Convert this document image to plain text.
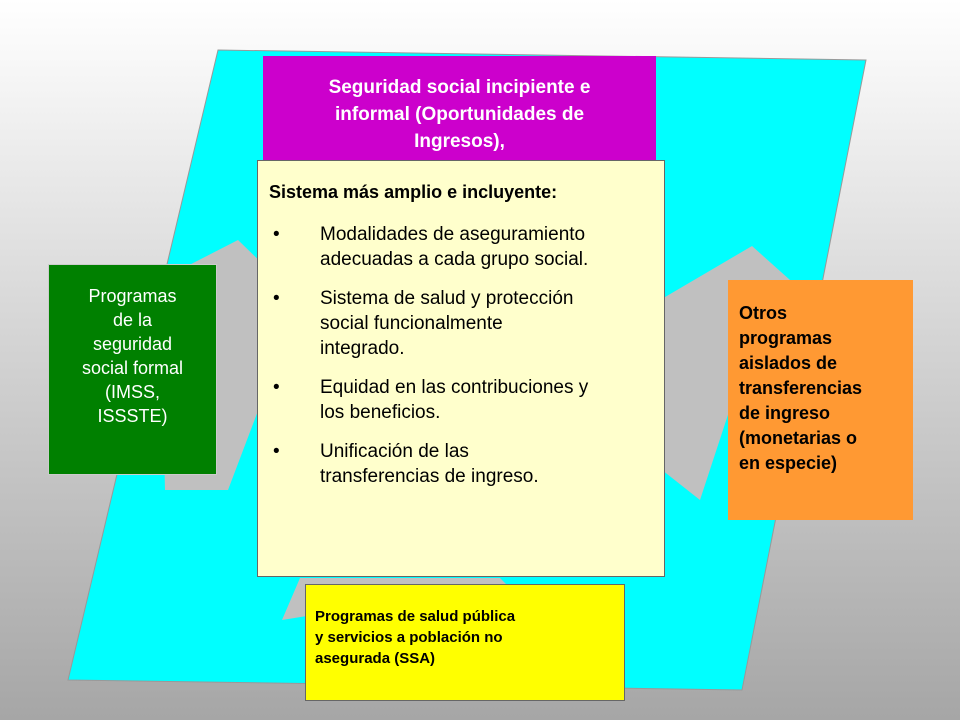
Seguridad social incipiente e
informal (Oportunidades de
Ingresos),
Sistema más amplio e incluyente:
•	Modalidades de aseguramiento
adecuadas a cada grupo social.
•	Sistema de salud y protección
social funcionalmente
integrado.
•	Equidad en las contribuciones y
los beneficios.
•	Unificación de las
transferencias de ingreso.
Programas
de la
seguridad
social formal
(IMSS,
ISSSTE)
Otros
programas
aislados de
transferencias
de ingreso
(monetarias o
en especie)
Programas de salud pública
y servicios a población no
asegurada (SSA)
